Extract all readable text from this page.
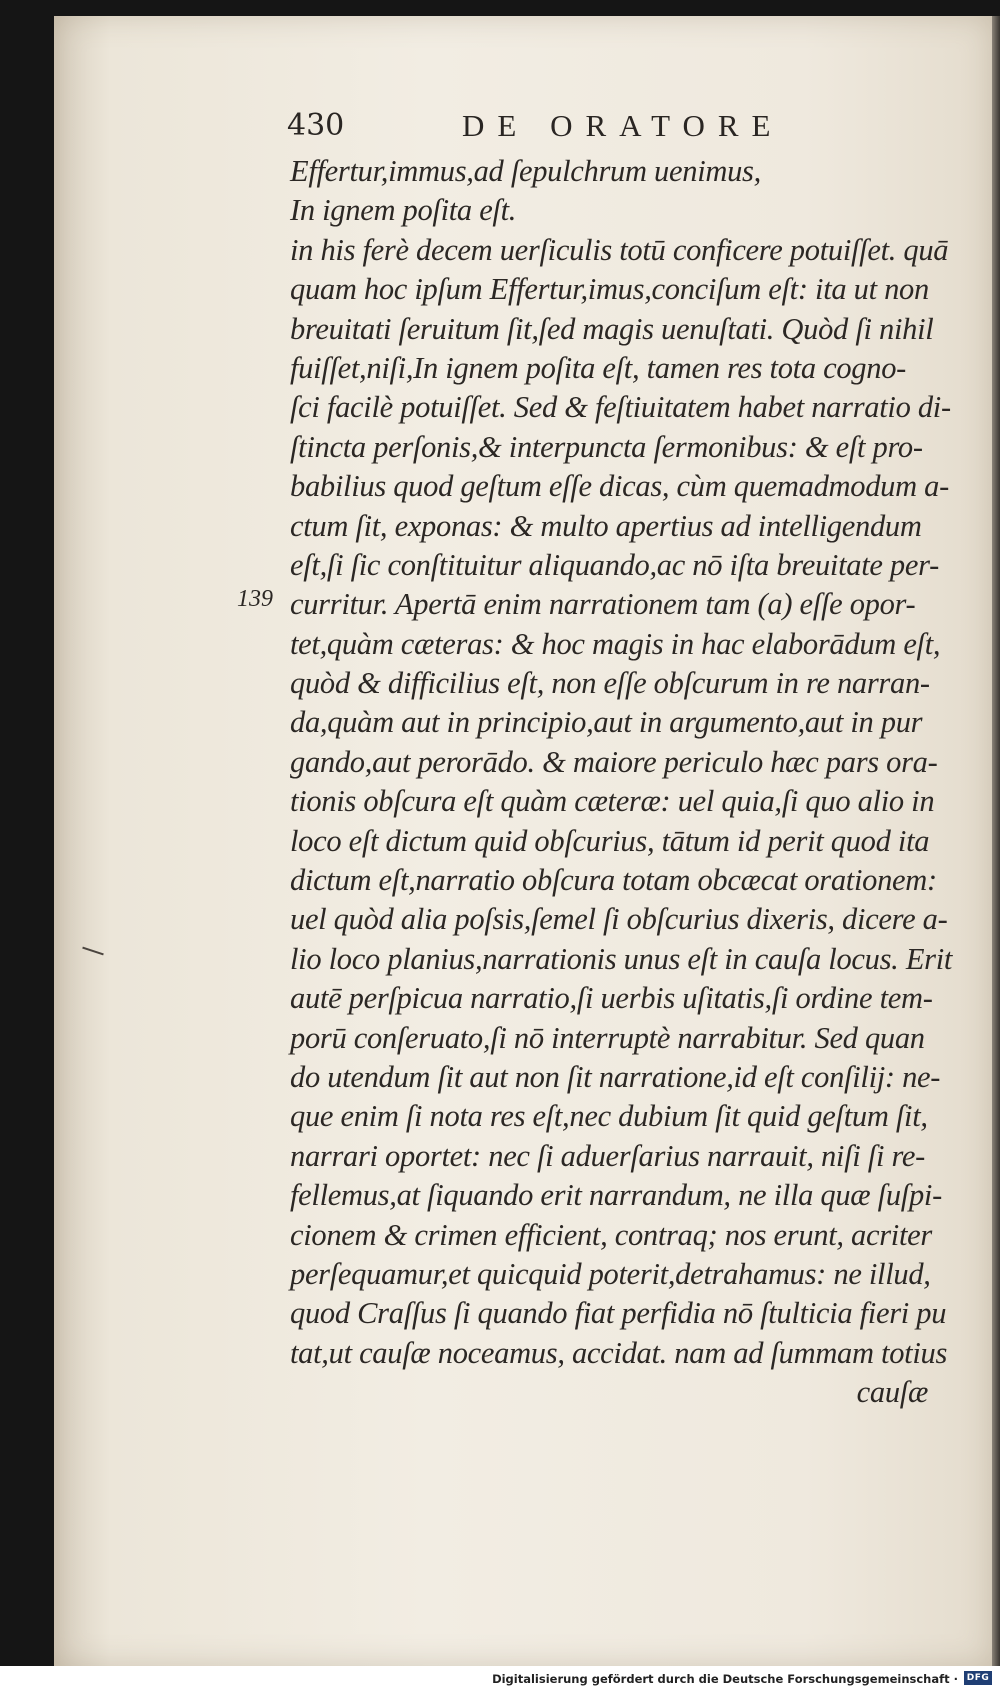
430	DE ORATORE
139
Effertur,immus,ad ſepulchrum uenimus,
In ignem poſita eſt.
in his ferè decem uerſiculis totū conficere potuiſſet. quā
quam hoc ipſum Effertur,imus,conciſum eſt: ita ut non
breuitati ſeruitum ſit,ſed magis uenuſtati. Quòd ſi nihil
fuiſſet,niſi,In ignem poſita eſt, tamen res tota cogno-
ſci facilè potuiſſet. Sed & feſtiuitatem habet narratio di-
ſtincta perſonis,& interpuncta ſermonibus: & eſt pro-
babilius quod geſtum eſſe dicas, cùm quemadmodum a-
ctum ſit, exponas: & multo apertius ad intelligendum
eſt,ſi ſic conſtituitur aliquando,ac nō iſta breuitate per-
curritur. Apertā enim narrationem tam (a) eſſe opor-
tet,quàm cæteras: & hoc magis in hac elaborādum eſt,
quòd & difficilius eſt, non eſſe obſcurum in re narran-
da,quàm aut in principio,aut in argumento,aut in pur
gando,aut perorādo. & maiore periculo hæc pars ora-
tionis obſcura eſt quàm cæteræ: uel quia,ſi quo alio in
loco eſt dictum quid obſcurius, tātum id perit quod ita
dictum eſt,narratio obſcura totam obcæcat orationem:
uel quòd alia poſsis,ſemel ſi obſcurius dixeris, dicere a-
lio loco planius,narrationis unus eſt in cauſa locus. Erit
autē perſpicua narratio,ſi uerbis uſitatis,ſi ordine tem-
porū conſeruato,ſi nō interruptè narrabitur. Sed quan
do utendum ſit aut non ſit narratione,id eſt conſilij: ne-
que enim ſi nota res eſt,nec dubium ſit quid geſtum ſit,
narrari oportet: nec ſi aduerſarius narrauit, niſi ſi re-
fellemus,at ſiquando erit narrandum, ne illa quæ ſuſpi-
cionem & crimen efficient, contraq; nos erunt, acriter
perſequamur,et quicquid poterit,detrahamus: ne illud,
quod Craſſus ſi quando fiat perfidia nō ſtulticia fieri pu
tat,ut cauſæ noceamus, accidat. nam ad ſummam totius
cauſæ
Digitalisierung gefördert durch die Deutsche Forschungsgemeinschaft · DFG
